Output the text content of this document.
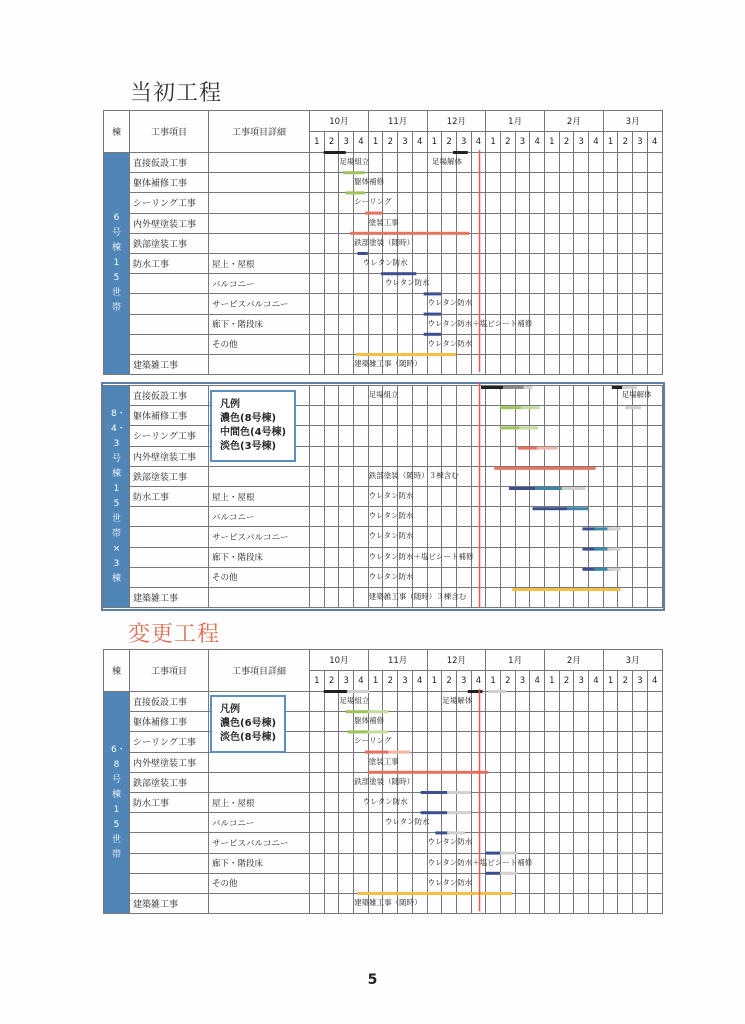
当初工程
変更工程
棟	工事項目	工事項目詳細	10月				11月				12月				1月				2月				3月			
			1	2	3	4	1	2	3	4	1	2	3	4	1	2	3	4	1	2	3	4	1	2	3	4
6号棟15世帯	直接仮設工事		足場組立 足場解体																							

	躯体補修工事		躯体補修																							

	シーリング工事		シーリング																							

	内外壁塗装工事		塗装工事																							

	鉄部塗装工事		鉄部塗装（随時）																							

	防水工事	屋上・屋根	ウレタン防水																							

		バルコニー	ウレタン防水																							

		サービスバルコニー	ウレタン防水																							

		廊下・階段床	ウレタン防水＋塩ビシート補修																							

		その他	ウレタン防水																							

	建築雑工事		建築雑工事（随時）																							

8・4・3号棟15世帯×3棟	直接仮設工事		足場組立 足場解体																							

	躯体補修工事																									
	シーリング工事																									
	内外壁塗装工事																									
	鉄部塗装工事		鉄部塗装（随時）３棟含む																							

	防水工事	屋上・屋根	ウレタン防水																							

		バルコニー	ウレタン防水																							

		サービスバルコニー	ウレタン防水																							

		廊下・階段床	ウレタン防水＋塩ビシート補修																							

		その他	ウレタン防水																							

	建築雑工事		建築雑工事（随時）３棟含む																							

棟	工事項目	工事項目詳細	10月				11月				12月				1月				2月				3月			
			1	2	3	4	1	2	3	4	1	2	3	4	1	2	3	4	1	2	3	4	1	2	3	4
6・8号棟15世帯	直接仮設工事		足場組立 足場解体																							

	躯体補修工事		躯体補修																							

	シーリング工事		シーリング																							

	内外壁塗装工事		塗装工事																							

	鉄部塗装工事		鉄部塗装（随時）																							

	防水工事	屋上・屋根	ウレタン防水																							

		バルコニー	ウレタン防水																							

		サービスバルコニー	ウレタン防水																							

		廊下・階段床	ウレタン防水＋塩ビシート補修																							

		その他	ウレタン防水																							

	建築雑工事		建築雑工事（随時）																							

凡例
濃色(8号棟)
中間色(4号棟)
淡色(3号棟)
凡例
濃色(6号棟)
淡色(8号棟)
5
